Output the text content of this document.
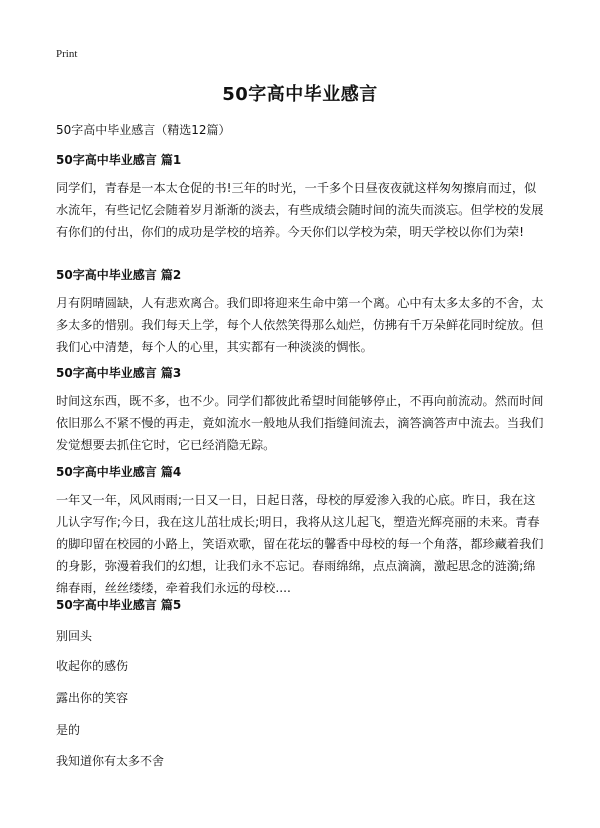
Print
50字高中毕业感言
50字高中毕业感言（精选12篇）
50字高中毕业感言 篇1

同学们，青春是一本太仓促的书!三年的时光，一千多个日昼夜夜就这样匆匆擦肩而过，似水流年，有些记忆会随着岁月渐渐的淡去，有些成绩会随时间的流失而淡忘。但学校的发展有你们的付出，你们的成功是学校的培养。今天你们以学校为荣，明天学校以你们为荣!

50字高中毕业感言 篇2

月有阴晴圆缺，人有悲欢离合。我们即将迎来生命中第一个离。心中有太多太多的不舍，太多太多的惜别。我们每天上学，每个人依然笑得那么灿烂，仿拂有千万朵鲜花同时绽放。但我们心中清楚，每个人的心里，其实都有一种淡淡的惆怅。

50字高中毕业感言 篇3

时间这东西，既不多，也不少。同学们都彼此希望时间能够停止，不再向前流动。然而时间依旧那么不紧不慢的再走，竟如流水一般地从我们指缝间流去，滴答滴答声中流去。当我们发觉想要去抓住它时，它已经消隐无踪。

50字高中毕业感言 篇4

一年又一年，风风雨雨;一日又一日，日起日落，母校的厚爱渗入我的心底。昨日，我在这儿认字写作;今日，我在这儿茁壮成长;明日，我将从这儿起飞，塑造光辉亮丽的未来。青春的脚印留在校园的小路上，笑语欢歌，留在花坛的馨香中母校的每一个角落，都珍藏着我们的身影，弥漫着我们的幻想，让我们永不忘记。春雨绵绵，点点滴滴，激起思念的涟漪;绵绵春雨，丝丝缕缕，牵着我们永远的母校....

50字高中毕业感言 篇5
别回头
收起你的感伤
露出你的笑容
是的
我知道你有太多不舍
